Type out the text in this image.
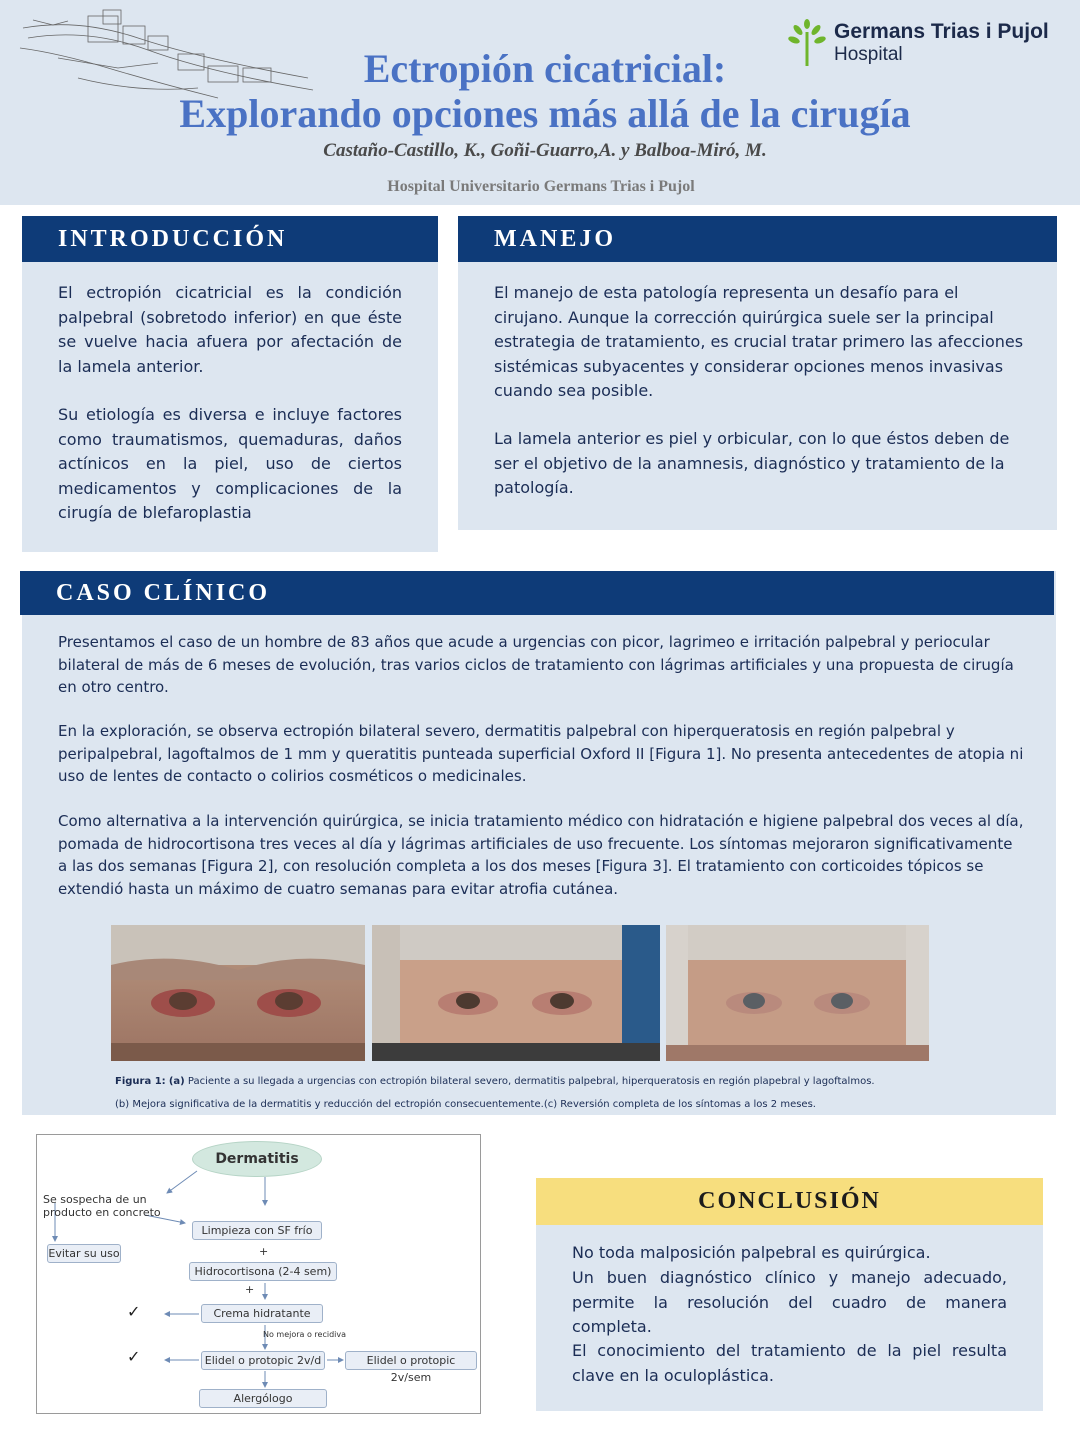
Germans Trias i Pujol
Hospital
Ectropión cicatricial:
Explorando opciones más allá de la cirugía
Castaño-Castillo, K., Goñi-Guarro,A. y Balboa-Miró, M.
Hospital Universitario Germans Trias i Pujol
INTRODUCCIÓN

El ectropión cicatricial es la condición palpebral (sobretodo inferior) en que éste se vuelve hacia afuera por afectación de la lamela anterior.

Su etiología es diversa e incluye factores como traumatismos, quemaduras, daños actínicos en la piel, uso de ciertos medicamentos y complicaciones de la cirugía de blefaroplastia

MANEJO

El manejo de esta patología representa un desafío para el cirujano. Aunque la corrección quirúrgica suele ser la principal estrategia de tratamiento, es crucial tratar primero las afecciones sistémicas subyacentes y considerar opciones menos invasivas cuando sea posible.

La lamela anterior es piel y orbicular, con lo que éstos deben de ser el objetivo de la anamnesis, diagnóstico y tratamiento de la patología.

CASO CLÍNICO

Presentamos el caso de un hombre de 83 años que acude a urgencias con picor, lagrimeo e irritación palpebral y periocular bilateral de más de 6 meses de evolución, tras varios ciclos de tratamiento con lágrimas artificiales y una propuesta de cirugía en otro centro.

En la exploración, se observa ectropión bilateral severo, dermatitis palpebral con hiperqueratosis en región palpebral y peripalpebral, lagoftalmos de 1 mm y queratitis punteada superficial Oxford II [Figura 1]. No presenta antecedentes de atopia ni uso de lentes de contacto o colirios cosméticos o medicinales.

Como alternativa a la intervención quirúrgica, se inicia tratamiento médico con hidratación e higiene palpebral dos veces al día, pomada de hidrocortisona tres veces al día y lágrimas artificiales de uso frecuente. Los síntomas mejoraron significativamente a las dos semanas [Figura 2], con resolución completa a los dos meses [Figura 3]. El tratamiento con corticoides tópicos se extendió hasta un máximo de cuatro semanas para evitar atrofia cutánea.

Figura 1: (a) Paciente a su llegada a urgencias con ectropión bilateral severo, dermatitis palpebral, hiperqueratosis en región plapebral y lagoftalmos.
(b) Mejora significativa de la dermatitis y reducción del ectropión consecuentemente.(c) Reversión completa de los síntomas a los 2 meses.
Dermatitis
Se sospecha de un producto en concreto
Evitar su uso
Limpieza con SF frío
+
Hidrocortisona (2-4 sem)
+
Crema hidratante
✓
No mejora o recidiva
Elidel o protopic 2v/d	Elidel o protopic 2v/sem
✓
Alergólogo
CONCLUSIÓN

No toda malposición palpebral es quirúrgica.

Un buen diagnóstico clínico y manejo adecuado, permite la resolución del cuadro de manera completa.

El conocimiento del tratamiento de la piel resulta clave en la oculoplástica.
